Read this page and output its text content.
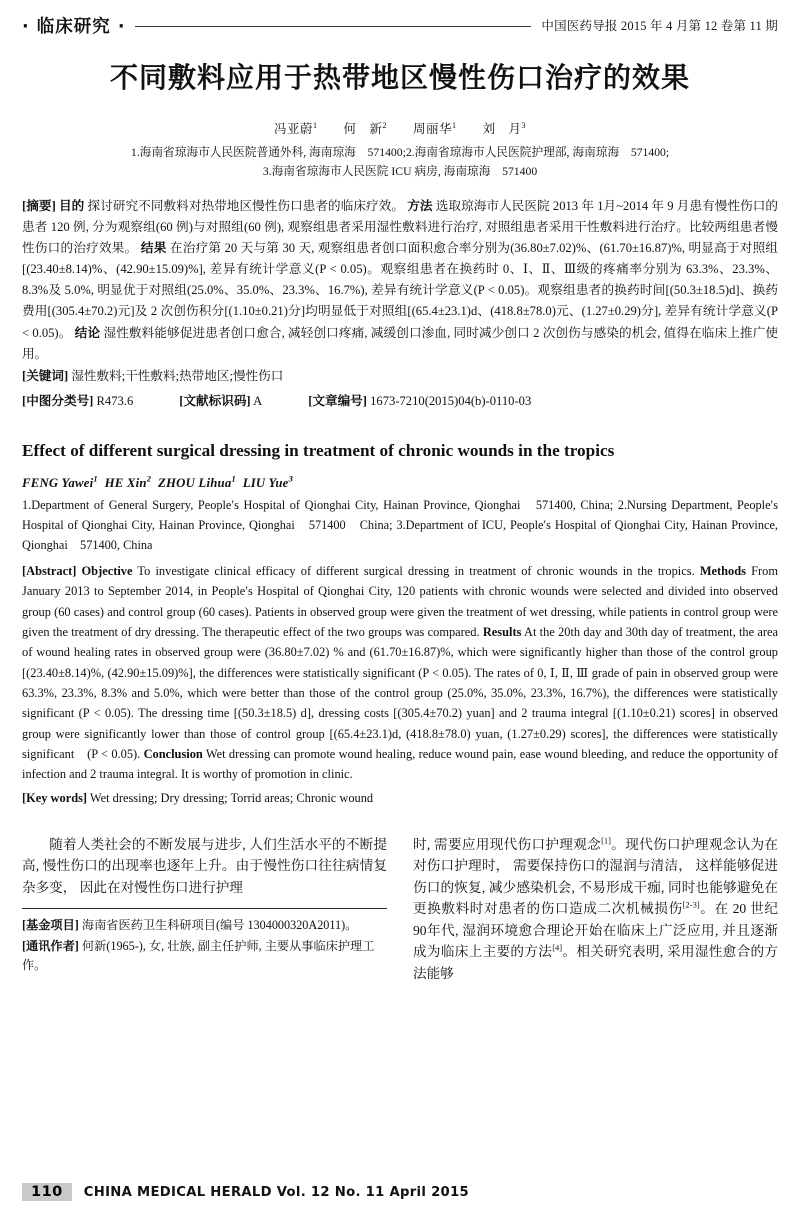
· 临床研究 ·	中国医药导报 2015 年 4 月第 12 卷第 11 期
不同敷料应用于热带地区慢性伤口治疗的效果
冯亚蔚$^1$ 何　新$^2$ 周丽华$^1$ 刘　月$^3$
1.海南省琼海市人民医院普通外科, 海南琼海　571400;2.海南省琼海市人民医院护理部, 海南琼海　571400;
3.海南省琼海市人民医院 ICU 病房, 海南琼海　571400
[摘要] 目的 探讨研究不同敷料对热带地区慢性伤口患者的临床疗效。 方法 选取琼海市人民医院 2013 年 1月~2014 年 9 月患有慢性伤口的患者 120 例, 分为观察组(60 例)与对照组(60 例), 观察组患者采用湿性敷料进行治疗, 对照组患者采用干性敷料进行治疗。比较两组患者慢性伤口的治疗效果。 结果 在治疗第 20 天与第 30 天, 观察组患者创口面积愈合率分别为(36.80±7.02)%、(61.70±16.87)%, 明显高于对照组[(23.40±8.14)%、(42.90±15.09)%], 差异有统计学意义(P < 0.05)。观察组患者在换药时 0、Ⅰ、Ⅱ、Ⅲ级的疼痛率分别为 63.3%、23.3%、8.3%及 5.0%, 明显优于对照组(25.0%、35.0%、23.3%、16.7%), 差异有统计学意义(P < 0.05)。观察组患者的换药时间[(50.3±18.5)d]、换药费用[(305.4±70.2)元]及 2 次创伤积分[(1.10±0.21)分]均明显低于对照组[(65.4±23.1)d、(418.8±78.0)元、(1.27±0.29)分], 差异有统计学意义(P < 0.05)。 结论 湿性敷料能够促进患者创口愈合, 减轻创口疼痛, 减缓创口渗血, 同时减少创口 2 次创伤与感染的机会, 值得在临床上推广使用。
[关键词] 湿性敷料;干性敷料;热带地区;慢性伤口
[中图分类号] R473.6	[文献标识码] A	[文章编号] 1673-7210(2015)04(b)-0110-03
Effect of different surgical dressing in treatment of chronic wounds in the tropics
FENG Yawei$^1$ HE Xin$^2$ ZHOU Lihua$^1$ LIU Yue$^3$
1.Department of General Surgery, People′s Hospital of Qionghai City, Hainan Province, Qionghai　571400, China; 2.Nursing Department, People′s Hospital of Qionghai City, Hainan Province, Qionghai　571400　China; 3.Department of ICU, People′s Hospital of Qionghai City, Hainan Province, Qionghai　571400, China
[Abstract] Objective To investigate clinical efficacy of different surgical dressing in treatment of chronic wounds in the tropics. Methods From January 2013 to September 2014, in People′s Hospital of Qionghai City, 120 patients with chronic wounds were selected and divided into observed group (60 cases) and control group (60 cases). Patients in observed group were given the treatment of wet dressing, while patients in control group were given the treatment of dry dressing. The therapeutic effect of the two groups was compared. Results At the 20th day and 30th day of treatment, the area of wound healing rates in observed group were (36.80±7.02) % and (61.70±16.87)%, which were significantly higher than those of the control group [(23.40±8.14)%, (42.90±15.09)%], the differences were statistically significant (P < 0.05). The rates of 0, Ⅰ, Ⅱ, Ⅲ grade of pain in observed group were 63.3%, 23.3%, 8.3% and 5.0%, which were better than those of the control group (25.0%, 35.0%, 23.3%, 16.7%), the differences were statistically significant (P < 0.05). The dressing time [(50.3±18.5) d], dressing costs [(305.4±70.2) yuan] and 2 trauma integral [(1.10±0.21) scores] in observed group were significantly lower than those of control group [(65.4±23.1)d, (418.8±78.0) yuan, (1.27±0.29) scores], the differences were statistically significant　(P < 0.05). Conclusion Wet dressing can promote wound healing, reduce wound pain, ease wound bleeding, and reduce the opportunity of infection and 2 trauma integral. It is worthy of promotion in clinic.
[Key words] Wet dressing; Dry dressing; Torrid areas; Chronic wound

随着人类社会的不断发展与进步, 人们生活水平的不断提高, 慢性伤口的出现率也逐年上升。由于慢性伤口往往病情复杂多变， 因此在对慢性伤口进行护理

[基金项目] 海南省医药卫生科研项目(编号 1304000320A2011)。

[通讯作者] 何新(1965-), 女, 壮族, 副主任护师, 主要从事临床护理工作。

时, 需要应用现代伤口护理观念[1]。现代伤口护理观念认为在对伤口护理时， 需要保持伤口的湿润与清洁， 这样能够促进伤口的恢复, 减少感染机会, 不易形成干痂, 同时也能够避免在更换敷料时对患者的伤口造成二次机械损伤[2-3]。在 20 世纪 90年代, 湿润环境愈合理论开始在临床上广泛应用, 并且逐渐成为临床上主要的方法[4]。相关研究表明, 采用湿性愈合的方法能够

110	CHINA MEDICAL HERALD Vol. 12 No. 11 April 2015
